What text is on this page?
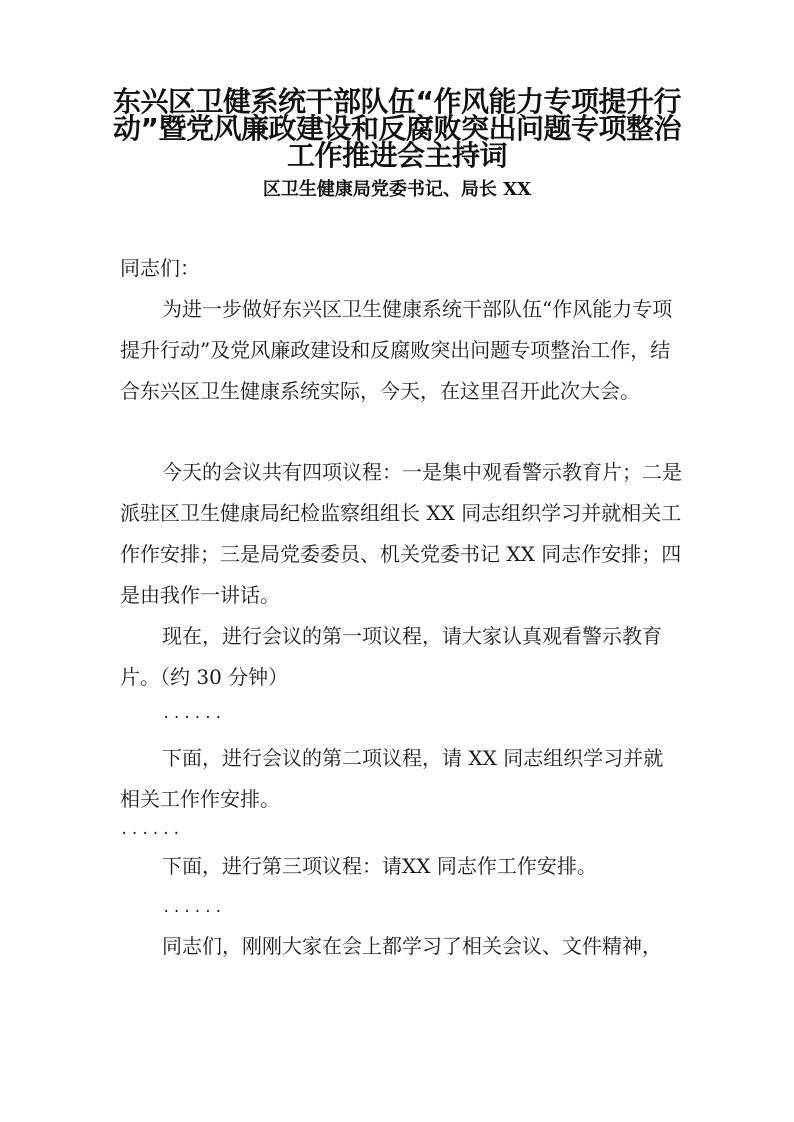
东兴区卫健系统干部队伍“作风能力专项提升行动”暨党风廉政建设和反腐败突出问题专项整治工作推进会主持词

区卫生健康局党委书记、局长 XX

同志们：

为进一步做好东兴区卫生健康系统干部队伍“作风能力专项提升行动”及党风廉政建设和反腐败突出问题专项整治工作，结合东兴区卫生健康系统实际，今天，在这里召开此次大会。

今天的会议共有四项议程：一是集中观看警示教育片；二是派驻区卫生健康局纪检监察组组长 XX 同志组织学习并就相关工作作安排；三是局党委委员、机关党委书记 XX 同志作安排；四是由我作一讲话。

现在，进行会议的第一项议程，请大家认真观看警示教育片。（约 30 分钟）

......

下面，进行会议的第二项议程，请 XX 同志组织学习并就相关工作作安排。

......

下面，进行第三项议程：请XX 同志作工作安排。

......

同志们，刚刚大家在会上都学习了相关会议、文件精神，
